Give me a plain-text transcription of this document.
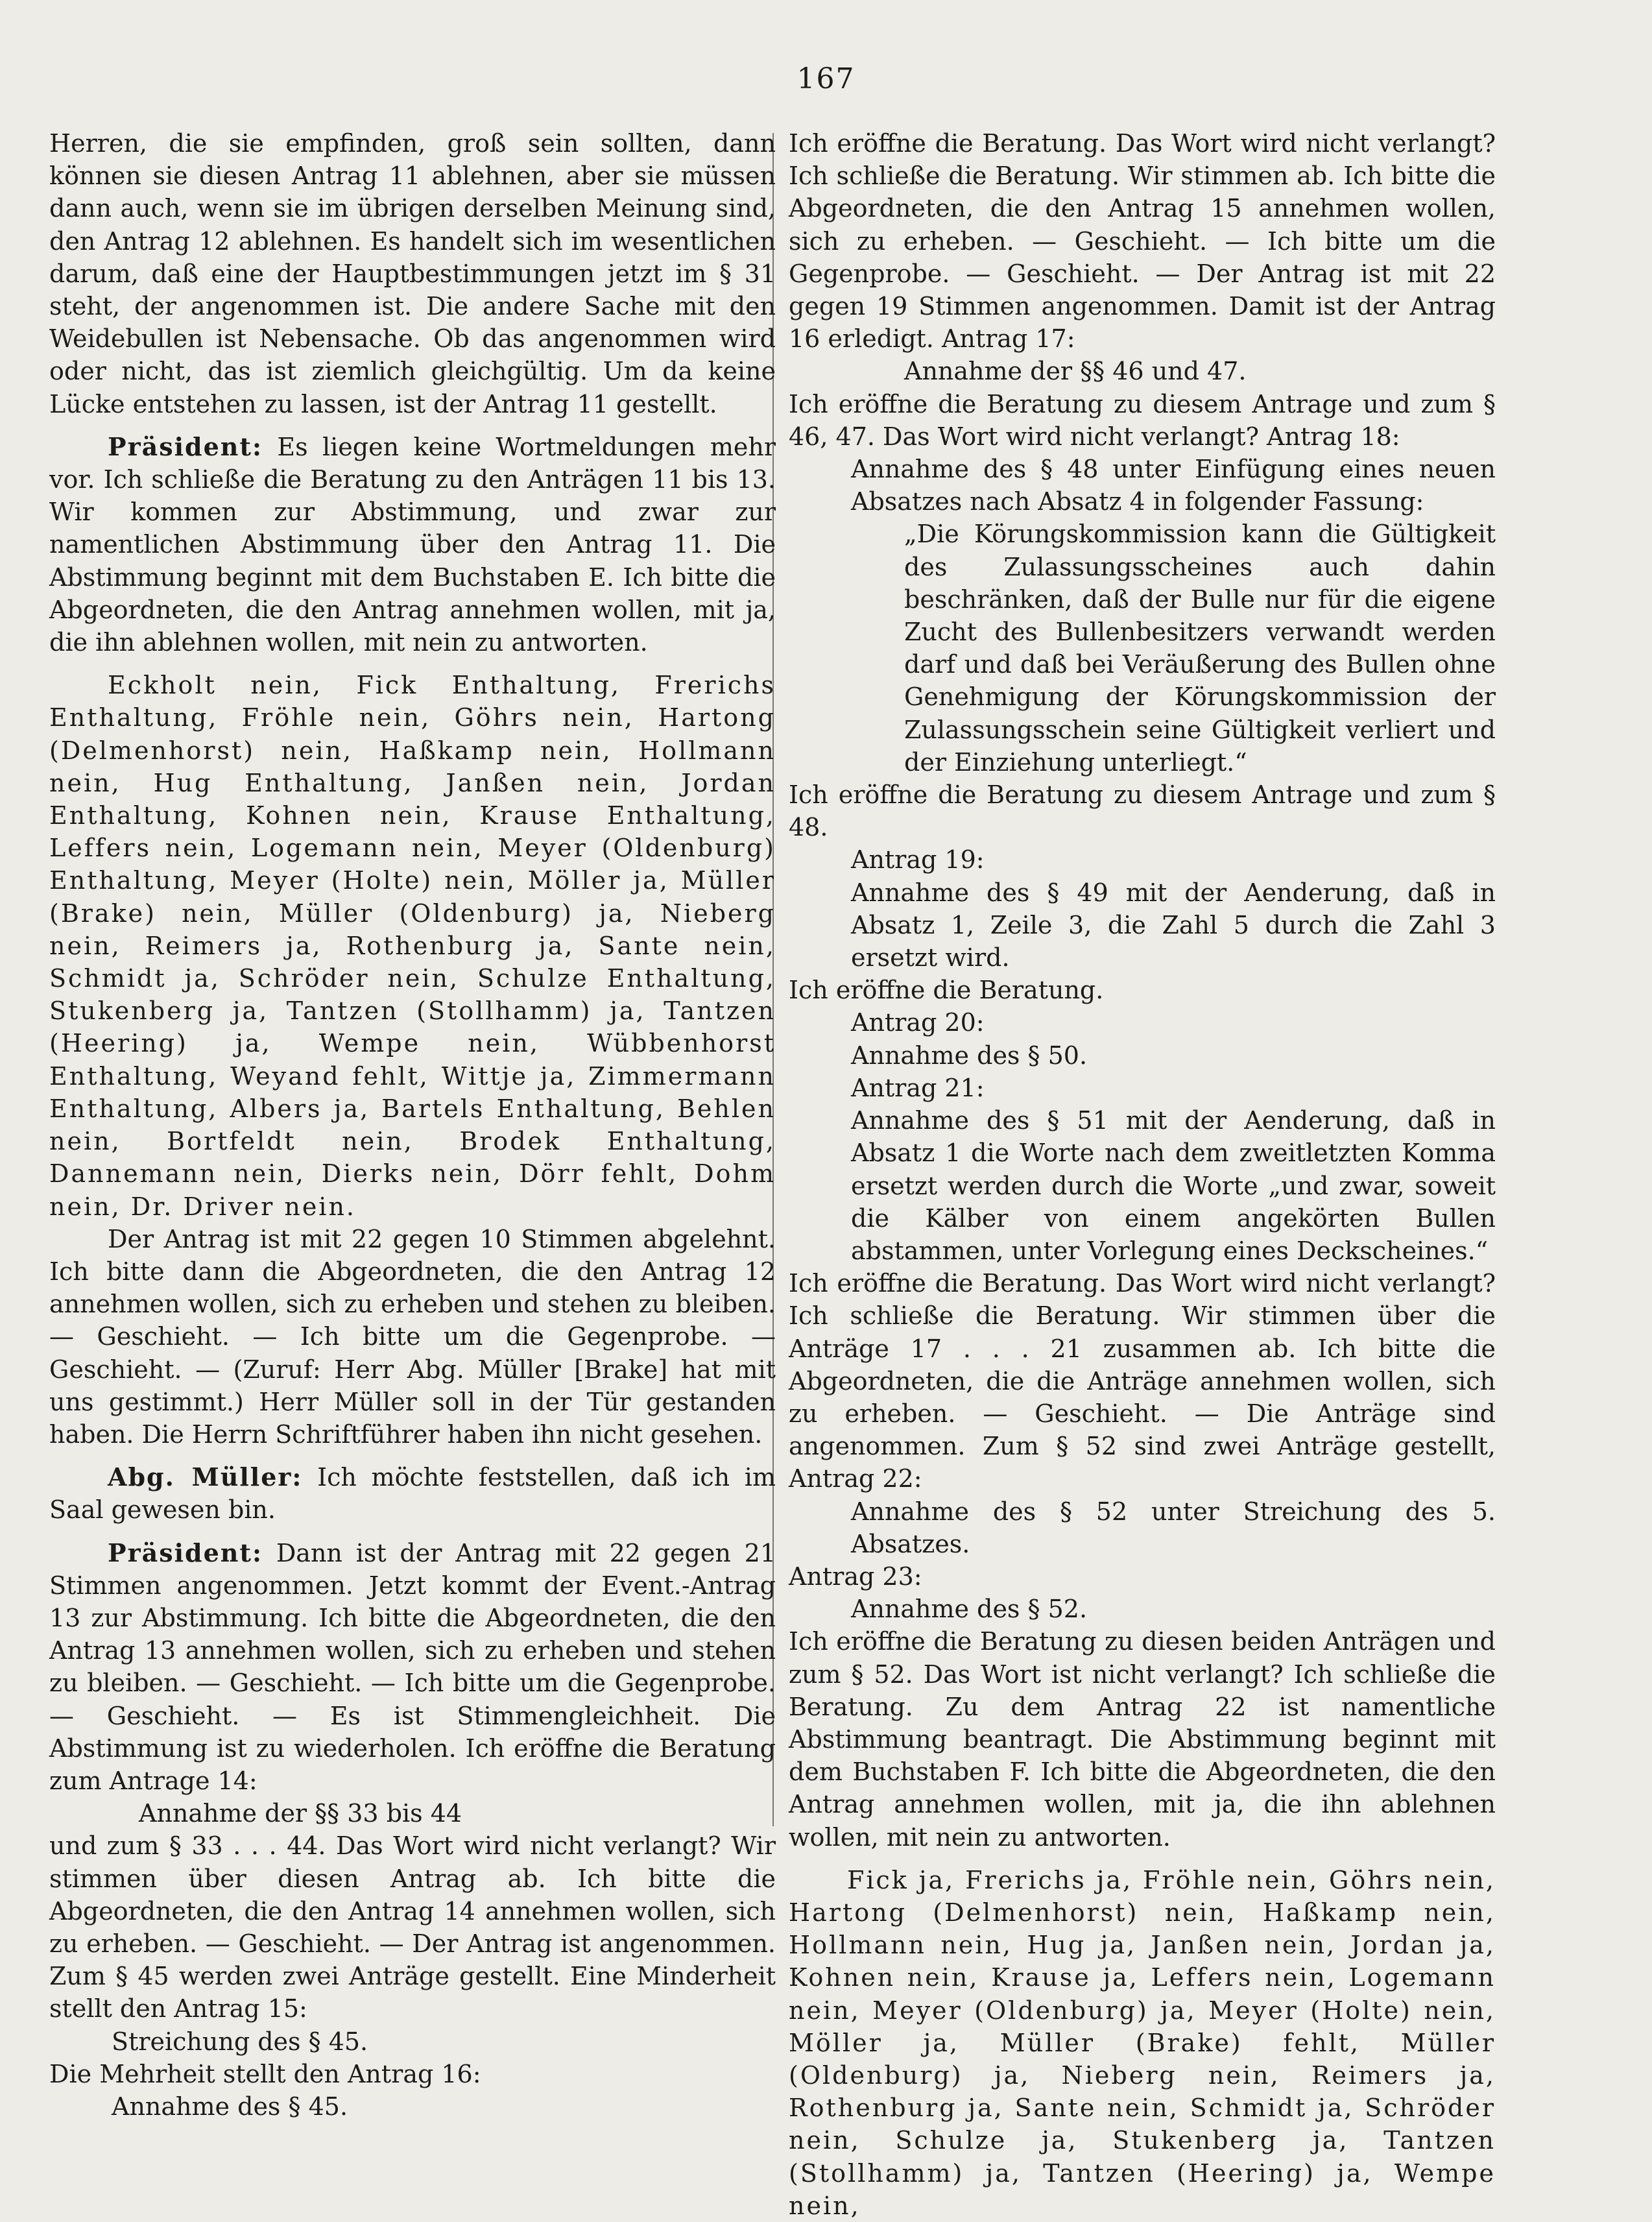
167

Herren, die sie empfinden, groß sein sollten, dann können sie diesen Antrag 11 ablehnen, aber sie müssen dann auch, wenn sie im übrigen derselben Meinung sind, den Antrag 12 ablehnen. Es handelt sich im wesentlichen darum, daß eine der Hauptbestimmungen jetzt im § 31 steht, der angenommen ist. Die andere Sache mit den Weidebullen ist Nebensache. Ob das angenommen wird oder nicht, das ist ziemlich gleichgültig. Um da keine Lücke entstehen zu lassen, ist der Antrag 11 gestellt.

Präsident: Es liegen keine Wortmeldungen mehr vor. Ich schließe die Beratung zu den Anträgen 11 bis 13. Wir kommen zur Abstimmung, und zwar zur namentlichen Abstimmung über den Antrag 11. Die Abstimmung beginnt mit dem Buchstaben E. Ich bitte die Abgeordneten, die den Antrag annehmen wollen, mit ja, die ihn ablehnen wollen, mit nein zu antworten.

Eckholt nein, Fick Enthaltung, Frerichs Enthaltung, Fröhle nein, Göhrs nein, Hartong (Delmenhorst) nein, Haßkamp nein, Hollmann nein, Hug Enthaltung, Janßen nein, Jordan Enthaltung, Kohnen nein, Krause Enthaltung, Leffers nein, Logemann nein, Meyer (Oldenburg) Enthaltung, Meyer (Holte) nein, Möller ja, Müller (Brake) nein, Müller (Oldenburg) ja, Nieberg nein, Reimers ja, Rothenburg ja, Sante nein, Schmidt ja, Schröder nein, Schulze Enthaltung, Stukenberg ja, Tantzen (Stollhamm) ja, Tantzen (Heering) ja, Wempe nein, Wübbenhorst Enthaltung, Weyand fehlt, Wittje ja, Zimmermann Enthaltung, Albers ja, Bartels Enthaltung, Behlen nein, Bortfeldt nein, Brodek Enthaltung, Dannemann nein, Dierks nein, Dörr fehlt, Dohm nein, Dr. Driver nein.

Der Antrag ist mit 22 gegen 10 Stimmen abgelehnt. Ich bitte dann die Abgeordneten, die den Antrag 12 annehmen wollen, sich zu erheben und stehen zu bleiben. — Geschieht. — Ich bitte um die Gegenprobe. — Geschieht. — (Zuruf: Herr Abg. Müller [Brake] hat mit uns gestimmt.) Herr Müller soll in der Tür gestanden haben. Die Herrn Schriftführer haben ihn nicht gesehen.

Abg. Müller: Ich möchte feststellen, daß ich im Saal gewesen bin.

Präsident: Dann ist der Antrag mit 22 gegen 21 Stimmen angenommen. Jetzt kommt der Event.-Antrag 13 zur Abstimmung. Ich bitte die Abgeordneten, die den Antrag 13 annehmen wollen, sich zu erheben und stehen zu bleiben. — Geschieht. — Ich bitte um die Gegenprobe. — Geschieht. — Es ist Stimmengleichheit. Die Abstimmung ist zu wiederholen. Ich eröffne die Beratung zum Antrage 14:

Annahme der §§ 33 bis 44

und zum § 33 . . . 44. Das Wort wird nicht verlangt? Wir stimmen über diesen Antrag ab. Ich bitte die Abgeordneten, die den Antrag 14 annehmen wollen, sich zu erheben. — Geschieht. — Der Antrag ist angenommen. Zum § 45 werden zwei Anträge gestellt. Eine Minderheit stellt den Antrag 15:

Streichung des § 45.

Die Mehrheit stellt den Antrag 16:

Annahme des § 45.

Ich eröffne die Beratung. Das Wort wird nicht verlangt? Ich schließe die Beratung. Wir stimmen ab. Ich bitte die Abgeordneten, die den Antrag 15 annehmen wollen, sich zu erheben. — Geschieht. — Ich bitte um die Gegenprobe. — Geschieht. — Der Antrag ist mit 22 gegen 19 Stimmen angenommen. Damit ist der Antrag 16 erledigt. Antrag 17:

Annahme der §§ 46 und 47.

Ich eröffne die Beratung zu diesem Antrage und zum § 46, 47. Das Wort wird nicht verlangt? Antrag 18:

Annahme des § 48 unter Einfügung eines neuen Absatzes nach Absatz 4 in folgender Fassung:

„Die Körungskommission kann die Gültigkeit des Zulassungsscheines auch dahin beschränken, daß der Bulle nur für die eigene Zucht des Bullenbesitzers verwandt werden darf und daß bei Veräußerung des Bullen ohne Genehmigung der Körungskommission der Zulassungsschein seine Gültigkeit verliert und der Einziehung unterliegt.“

Ich eröffne die Beratung zu diesem Antrage und zum § 48.

Antrag 19:

Annahme des § 49 mit der Aenderung, daß in Absatz 1, Zeile 3, die Zahl 5 durch die Zahl 3 ersetzt wird.

Ich eröffne die Beratung.

Antrag 20:

Annahme des § 50.

Antrag 21:

Annahme des § 51 mit der Aenderung, daß in Absatz 1 die Worte nach dem zweitletzten Komma ersetzt werden durch die Worte „und zwar, soweit die Kälber von einem angekörten Bullen abstammen, unter Vorlegung eines Deckscheines.“

Ich eröffne die Beratung. Das Wort wird nicht verlangt? Ich schließe die Beratung. Wir stimmen über die Anträge 17 . . . 21 zusammen ab. Ich bitte die Abgeordneten, die die Anträge annehmen wollen, sich zu erheben. — Geschieht. — Die Anträge sind angenommen. Zum § 52 sind zwei Anträge gestellt, Antrag 22:

Annahme des § 52 unter Streichung des 5. Absatzes.

Antrag 23:

Annahme des § 52.

Ich eröffne die Beratung zu diesen beiden Anträgen und zum § 52. Das Wort ist nicht verlangt? Ich schließe die Beratung. Zu dem Antrag 22 ist namentliche Abstimmung beantragt. Die Abstimmung beginnt mit dem Buchstaben F. Ich bitte die Abgeordneten, die den Antrag annehmen wollen, mit ja, die ihn ablehnen wollen, mit nein zu antworten.

Fick ja, Frerichs ja, Fröhle nein, Göhrs nein, Hartong (Delmenhorst) nein, Haßkamp nein, Hollmann nein, Hug ja, Janßen nein, Jordan ja, Kohnen nein, Krause ja, Leffers nein, Logemann nein, Meyer (Oldenburg) ja, Meyer (Holte) nein, Möller ja, Müller (Brake) fehlt, Müller (Oldenburg) ja, Nieberg nein, Reimers ja, Rothenburg ja, Sante nein, Schmidt ja, Schröder nein, Schulze ja, Stukenberg ja, Tantzen (Stollhamm) ja, Tantzen (Heering) ja, Wempe nein,
